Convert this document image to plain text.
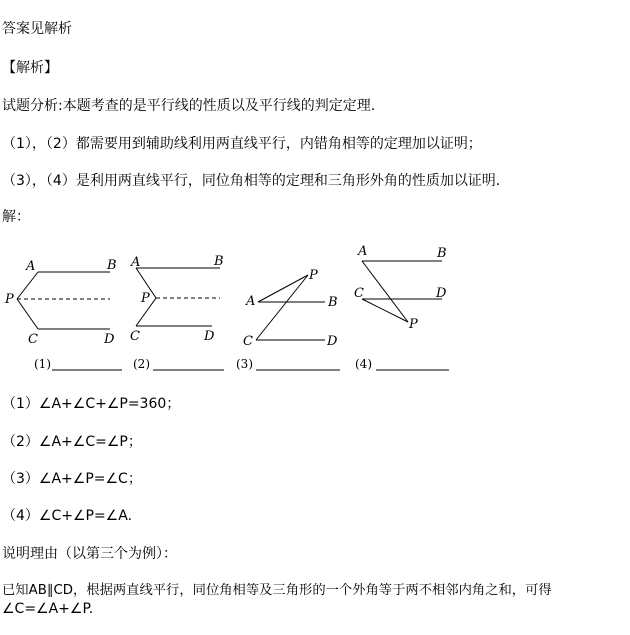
答案见解析
【解析】
试题分析:本题考查的是平行线的性质以及平行线的判定定理.
（1），（2）都需要用到辅助线利用两直线平行，内错角相等的定理加以证明；
（3），（4）是利用两直线平行，同位角相等的定理和三角形外角的性质加以证明.
解：
A	B
P
C	D
A	B
P
C	D
P
A	B
C	D
A	B
C	D
P
(1)	(2)	(3)	(4)
（1）∠A+∠C+∠P=360；
（2）∠A+∠C=∠P；
（3）∠A+∠P=∠C；
（4）∠C+∠P=∠A.
说明理由（以第三个为例）：
已知AB∥CD，根据两直线平行，同位角相等及三角形的一个外角等于两不相邻内角之和，可得
∠C=∠A+∠P.
